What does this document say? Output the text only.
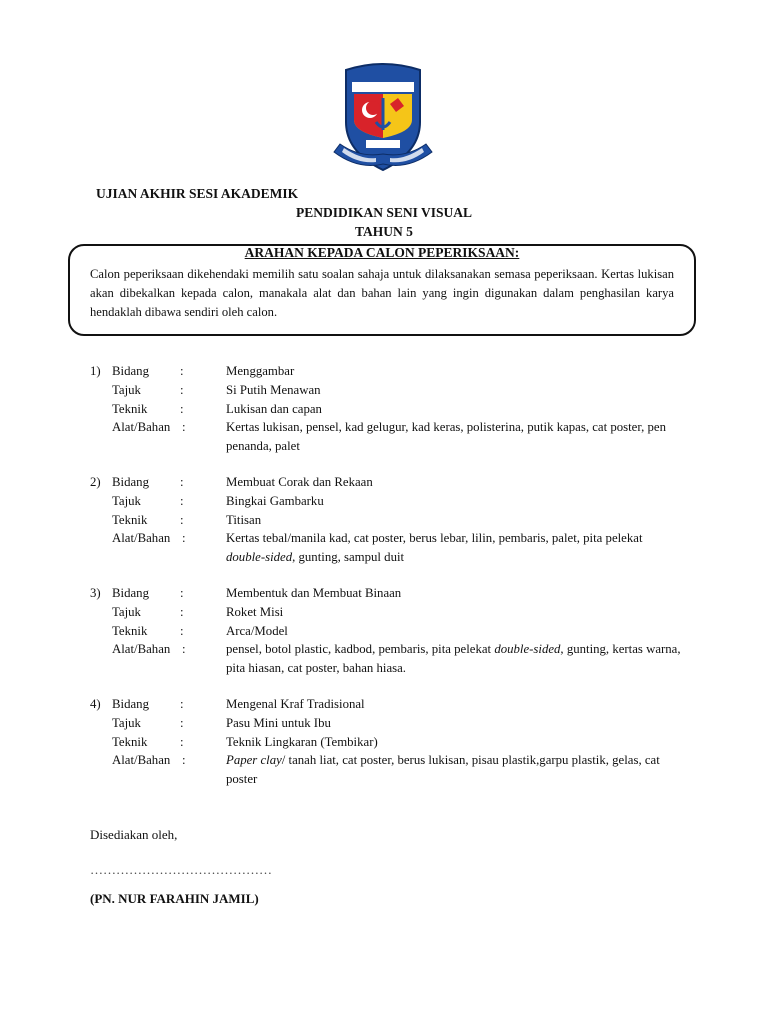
UJIAN AKHIR SESI AKADEMIK
PENDIDIKAN SENI VISUAL
TAHUN 5
ARAHAN KEPADA CALON PEPERIKSAAN:
Calon peperiksaan dikehendaki memilih satu soalan sahaja untuk dilaksanakan semasa peperiksaan. Kertas lukisan akan dibekalkan kepada calon, manakala alat dan bahan lain yang ingin digunakan dalam penghasilan karya hendaklah dibawa sendiri oleh calon.
1) Bidang	:	Menggambar
Tajuk	:	Si Putih Menawan
Teknik	:	Lukisan dan capan
Alat/Bahan :	Kertas lukisan, pensel, kad gelugur, kad keras, polisterina, putik kapas, cat poster, pen penanda, palet
2) Bidang	:	Membuat Corak dan Rekaan
Tajuk	:	Bingkai Gambarku
Teknik	:	Titisan
Alat/Bahan :	Kertas tebal/manila kad, cat poster, berus lebar, lilin, pembaris, palet, pita pelekat double-sided, gunting, sampul duit
3) Bidang	:	Membentuk dan Membuat Binaan
Tajuk	:	Roket Misi
Teknik	:	Arca/Model
Alat/Bahan :	pensel, botol plastic, kadbod, pembaris, pita pelekat double-sided, gunting, kertas warna, pita hiasan, cat poster, bahan hiasa.
4) Bidang	:	Mengenal Kraf Tradisional
Tajuk	:	Pasu Mini untuk Ibu
Teknik	:	Teknik Lingkaran (Tembikar)
Alat/Bahan :	Paper clay/ tanah liat, cat poster, berus lukisan, pisau plastik,garpu plastik, gelas, cat poster
Disediakan oleh,
……………………………………
(PN. NUR FARAHIN JAMIL)
